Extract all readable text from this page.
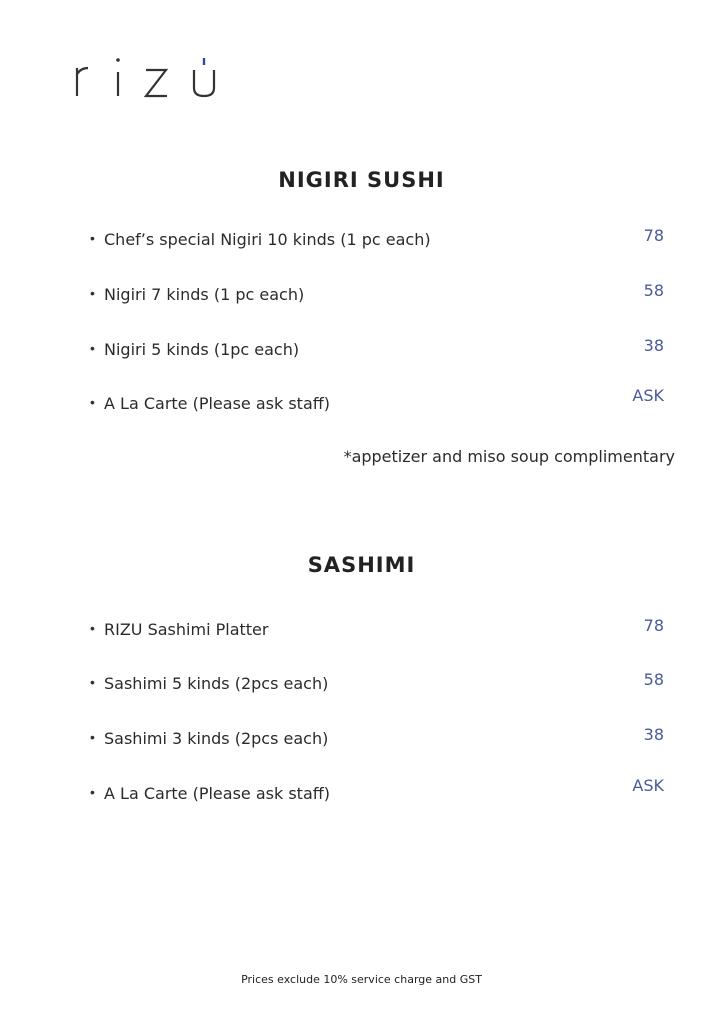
NIGIRI SUSHI
• Chef’s special Nigiri 10 kinds (1 pc each)	78
• Nigiri 7 kinds (1 pc each)	58
• Nigiri 5 kinds (1pc each)	38
• A La Carte (Please ask staff)	ASK
*appetizer and miso soup complimentary
SASHIMI
• RIZU Sashimi Platter	78
• Sashimi 5 kinds (2pcs each)	58
• Sashimi 3 kinds (2pcs each)	38
• A La Carte (Please ask staff)	ASK
Prices exclude 10% service charge and GST
